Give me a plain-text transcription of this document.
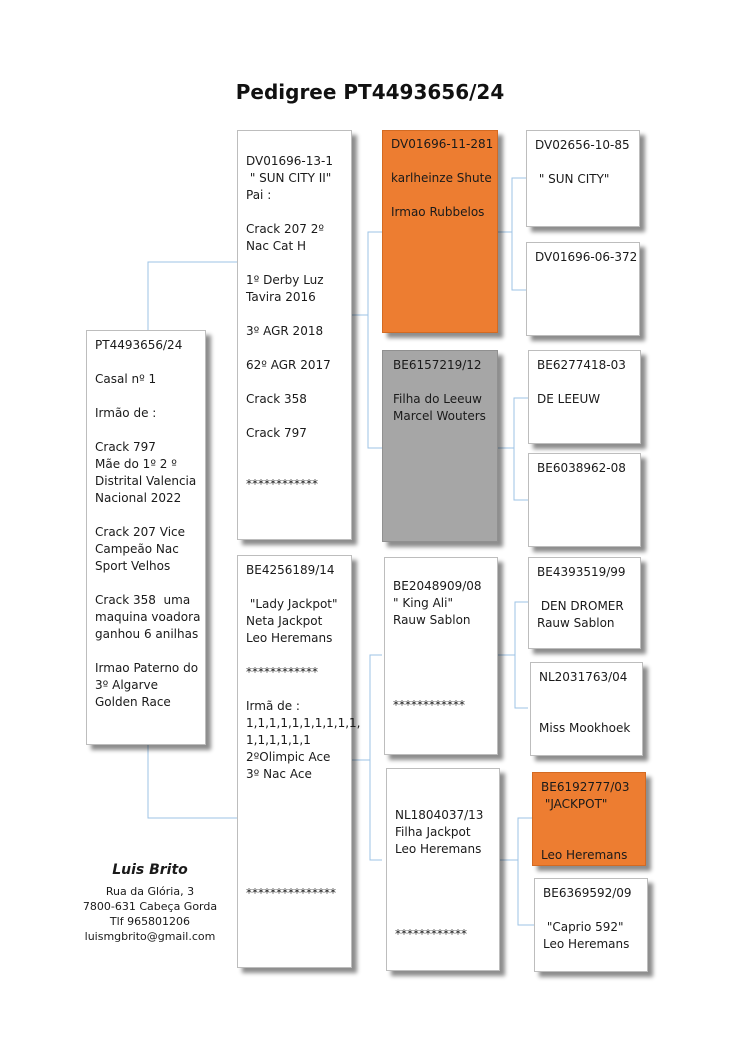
Pedigree PT4493656/24
PT4493656/24

Casal nº 1

Irmão de :

Crack 797
Mãe do 1º 2 º
Distrital Valencia
Nacional 2022

Crack 207 Vice
Campeão Nac
Sport Velhos

Crack 358  uma
maquina voadora
ganhou 6 anilhas

Irmao Paterno do
3º Algarve
Golden Race
DV01696-13-1
" SUN CITY II"
Pai :

Crack 207 2º
Nac Cat H

1º Derby Luz
Tavira 2016

3º AGR 2018

62º AGR 2017

Crack 358

Crack 797

************
BE4256189/14

"Lady Jackpot"
Neta Jackpot
Leo Heremans

************

Irmã de :
1,1,1,1,1,1,1,1,1,1,
1,1,1,1,1,1
2ºOlimpic Ace
3º Nac Ace

***************
DV01696-11-281

karlheinze Shute

Irmao Rubbelos
BE6157219/12

Filha do Leeuw
Marcel Wouters
BE2048909/08
" King Ali"
Rauw Sablon

************
NL1804037/13
Filha Jackpot
Leo Heremans

************
DV02656-10-85

" SUN CITY"
DV01696-06-372
BE6277418-03

DE LEEUW
BE6038962-08
BE4393519/99

DEN DROMER
Rauw Sablon
NL2031763/04

Miss Mookhoek
BE6192777/03
"JACKPOT"

Leo Heremans
BE6369592/09

"Caprio 592"
Leo Heremans
Luis Brito
Rua da Glória, 3
7800-631 Cabeça Gorda
Tlf 965801206
luismgbrito@gmail.com
